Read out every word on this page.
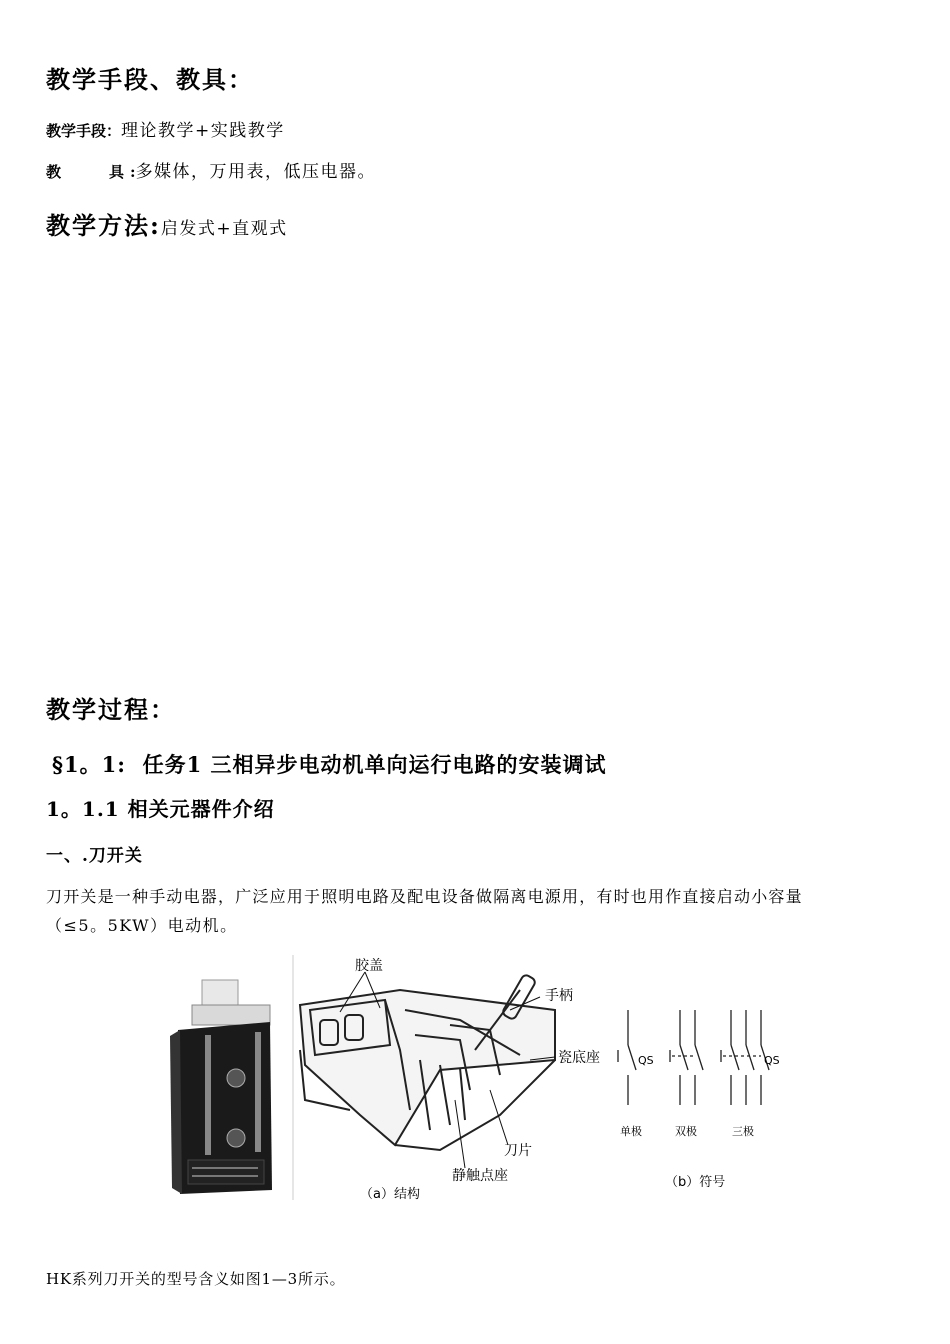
教学手段、教具：
教学手段：理论教学+实践教学
教　　具:多媒体，万用表，低压电器。
教学方法:启发式+直观式
教学过程：
§1。1:  任务1 三相异步电动机单向运行电路的安装调试
1。1.1 相关元器件介绍
一、.刀开关
刀开关是一种手动电器，广泛应用于照明电路及配电设备做隔离电源用，有时也用作直接启动小容量
（≤5。5KW）电动机。
胶盖
手柄
瓷底座
刀片
静触点座
（a）结构
QS	QS
单极	双极	三极
（b）符号
HK系列刀开关的型号含义如图1—3所示。
